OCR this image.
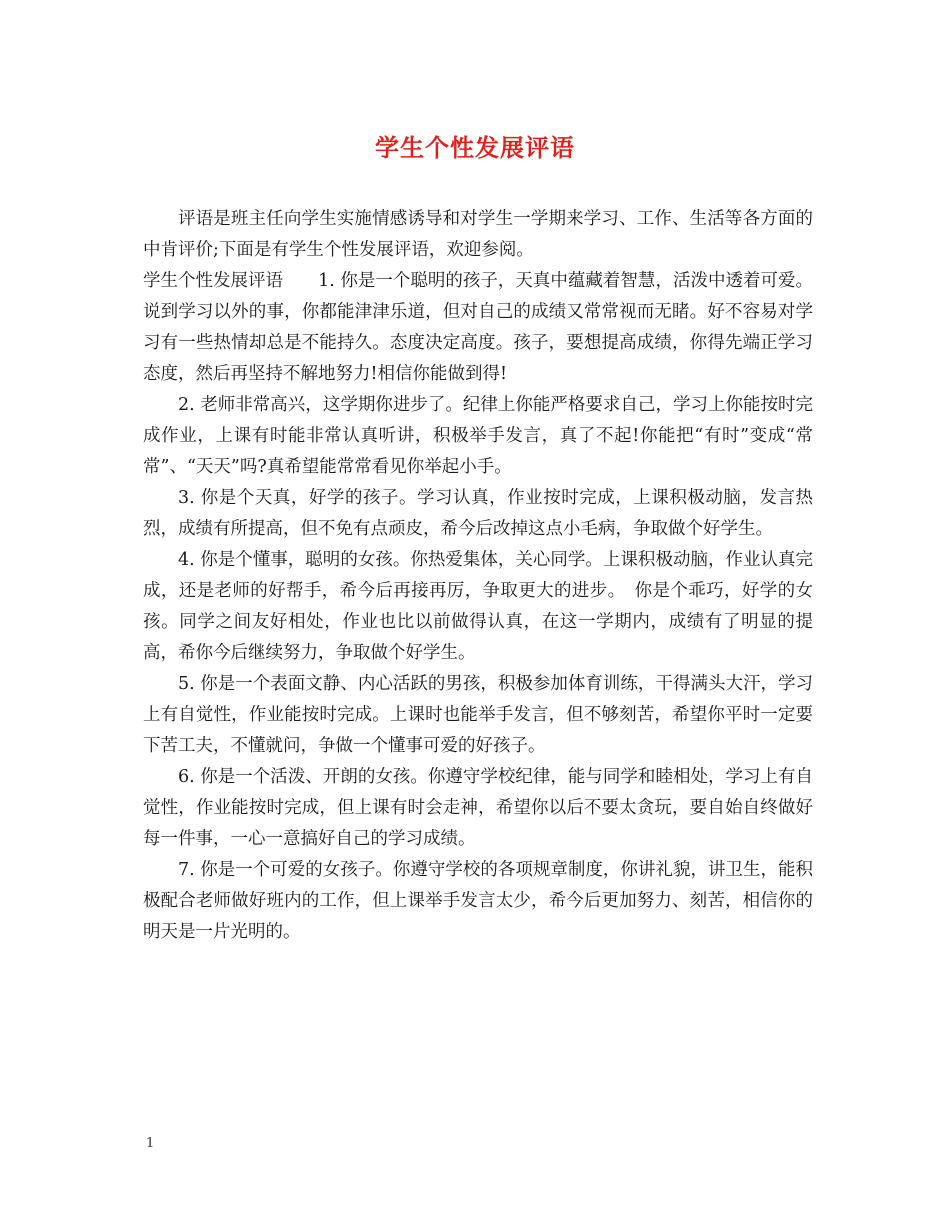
学生个性发展评语

评语是班主任向学生实施情感诱导和对学生一学期来学习、工作、生活等各方面的中肯评价;下面是有学生个性发展评语，欢迎参阅。

学生个性发展评语　　1. 你是一个聪明的孩子，天真中蕴藏着智慧，活泼中透着可爱。说到学习以外的事，你都能津津乐道，但对自己的成绩又常常视而无睹。好不容易对学习有一些热情却总是不能持久。态度决定高度。孩子，要想提高成绩，你得先端正学习态度，然后再坚持不解地努力!相信你能做到得!

2. 老师非常高兴，这学期你进步了。纪律上你能严格要求自己，学习上你能按时完成作业，上课有时能非常认真听讲，积极举手发言，真了不起!你能把“有时”变成“常常”、“天天”吗?真希望能常常看见你举起小手。

3. 你是个天真，好学的孩子。学习认真，作业按时完成，上课积极动脑，发言热烈，成绩有所提高，但不免有点顽皮，希今后改掉这点小毛病，争取做个好学生。

4. 你是个懂事，聪明的女孩。你热爱集体，关心同学。上课积极动脑，作业认真完成，还是老师的好帮手，希今后再接再厉，争取更大的进步。　你是个乖巧，好学的女孩。同学之间友好相处，作业也比以前做得认真，在这一学期内，成绩有了明显的提高，希你今后继续努力，争取做个好学生。

5. 你是一个表面文静、内心活跃的男孩，积极参加体育训练，干得满头大汗，学习上有自觉性，作业能按时完成。上课时也能举手发言，但不够刻苦，希望你平时一定要下苦工夫，不懂就问，争做一个懂事可爱的好孩子。

6. 你是一个活泼、开朗的女孩。你遵守学校纪律，能与同学和睦相处，学习上有自觉性，作业能按时完成，但上课有时会走神，希望你以后不要太贪玩，要自始自终做好每一件事，一心一意搞好自己的学习成绩。

7. 你是一个可爱的女孩子。你遵守学校的各项规章制度，你讲礼貌，讲卫生，能积极配合老师做好班内的工作，但上课举手发言太少，希今后更加努力、刻苦，相信你的明天是一片光明的。

1
